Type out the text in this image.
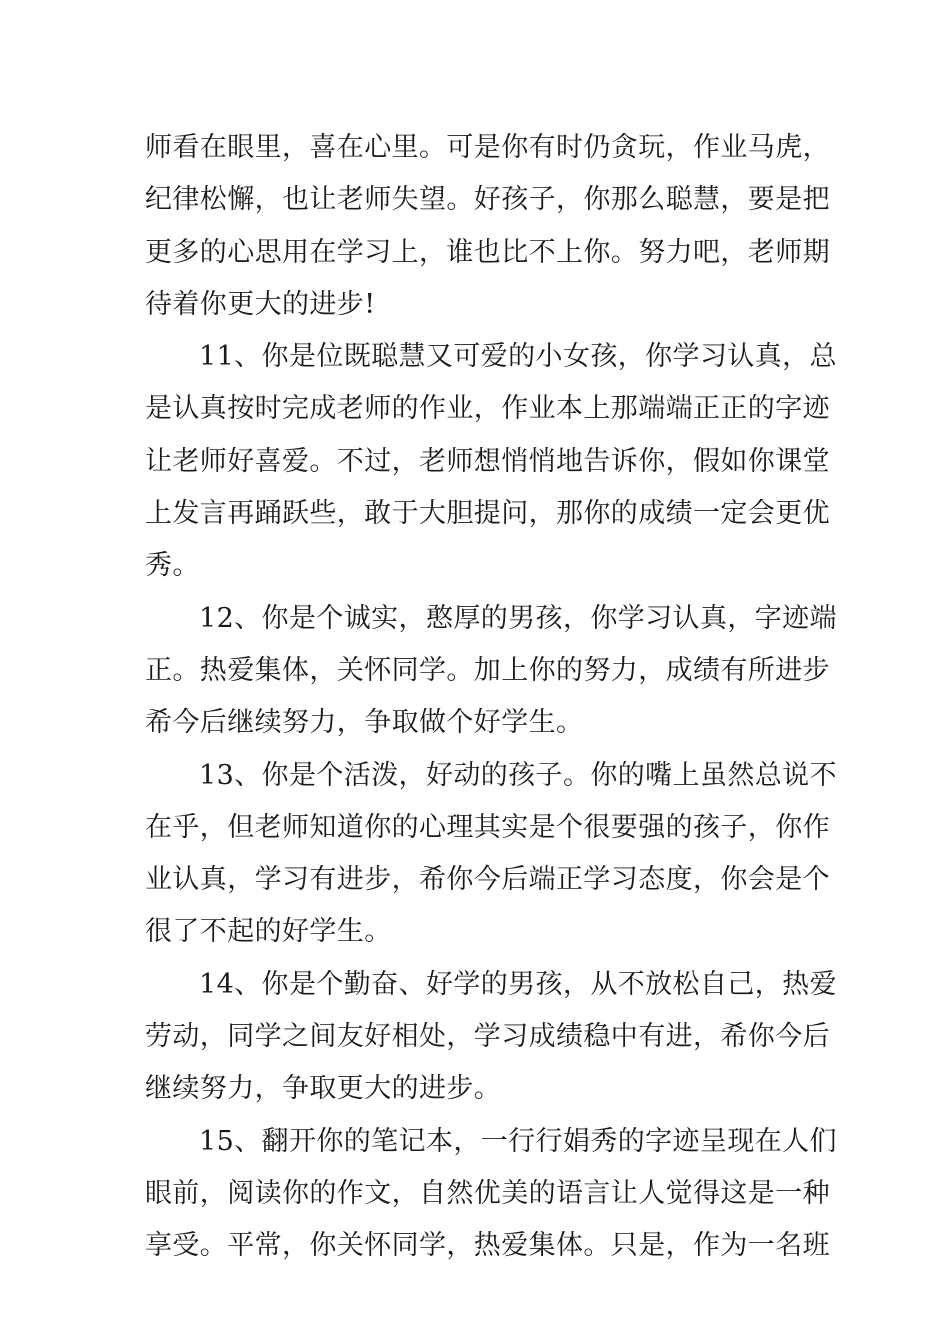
师看在眼里，喜在心里。可是你有时仍贪玩，作业马虎，
纪律松懈，也让老师失望。好孩子，你那么聪慧，要是把
更多的心思用在学习上，谁也比不上你。努力吧，老师期
待着你更大的进步!
11、你是位既聪慧又可爱的小女孩，你学习认真，总
是认真按时完成老师的作业，作业本上那端端正正的字迹
让老师好喜爱。不过，老师想悄悄地告诉你，假如你课堂
上发言再踊跃些，敢于大胆提问，那你的成绩一定会更优
秀。
12、你是个诚实，憨厚的男孩，你学习认真，字迹端
正。热爱集体，关怀同学。加上你的努力，成绩有所进步
希今后继续努力，争取做个好学生。
13、你是个活泼，好动的孩子。你的嘴上虽然总说不
在乎，但老师知道你的心理其实是个很要强的孩子，你作
业认真，学习有进步，希你今后端正学习态度，你会是个
很了不起的好学生。
14、你是个勤奋、好学的男孩，从不放松自己，热爱
劳动，同学之间友好相处，学习成绩稳中有进，希你今后
继续努力，争取更大的进步。
15、翻开你的笔记本，一行行娟秀的字迹呈现在人们
眼前，阅读你的作文，自然优美的语言让人觉得这是一种
享受。平常，你关怀同学，热爱集体。只是，作为一名班
